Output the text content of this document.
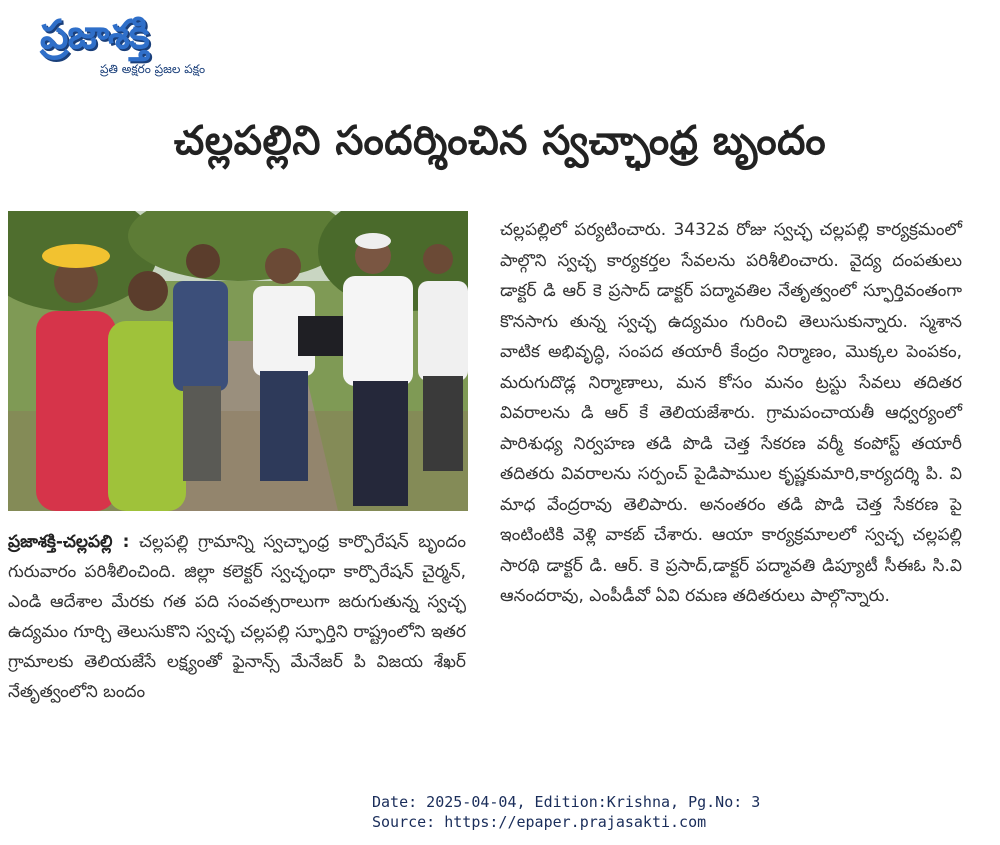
ప్రజాశక్తి
ప్రతి అక్షరం ప్రజల పక్షం
చల్లపల్లిని సందర్శించిన స్వచ్ఛాంధ్ర బృందం
ప్రజాశక్తి-చల్లపల్లి : చల్లపల్లి గ్రామాన్ని స్వచ్ఛాంధ్ర కార్పొరేషన్ బృందం గురువారం పరిశీలించింది. జిల్లా కలెక్టర్ స్వచ్ఛంధా కార్పొరేషన్ చైర్మన్, ఎండి ఆదేశాల మేరకు గత పది సంవత్సరాలుగా జరుగుతున్న స్వచ్ఛ ఉద్యమం గూర్చి తెలుసుకొని స్వచ్ఛ చల్లపల్లి స్ఫూర్తిని రాష్ట్రంలోని ఇతర గ్రామాలకు తెలియజేసే లక్ష్యంతో ఫైనాన్స్ మేనేజర్ పి విజయ శేఖర్ నేతృత్వంలోని బందం
చల్లపల్లిలో పర్యటించారు. 3432వ రోజు స్వచ్ఛ చల్లపల్లి కార్యక్రమంలో పాల్గొని స్వచ్ఛ కార్యకర్తల సేవలను పరిశీలించారు. వైద్య దంపతులు డాక్టర్ డి ఆర్ కె ప్రసాద్ డాక్టర్ పద్మావతిల నేతృత్వంలో స్ఫూర్తివంతంగా కొనసాగు తున్న స్వచ్ఛ ఉద్యమం గురించి తెలుసుకున్నారు. స్మశాన వాటిక అభివృద్ధి, సంపద తయారీ కేంద్రం నిర్మాణం, మొక్కల పెంపకం, మరుగుదొడ్ల నిర్మాణాలు, మన కోసం మనం ట్రస్టు సేవలు తదితర వివరాలను డి ఆర్ కే తెలియజేశారు. గ్రామపంచాయతీ ఆధ్వర్యంలో పారిశుధ్య నిర్వహణ తడి పొడి చెత్త సేకరణ వర్మీ కంపోస్ట్ తయారీ తదితరు వివరాలను సర్పంచ్ పైడిపాముల కృష్ణకుమారి,కార్యదర్శి పి. వి మాధ వేంద్రరావు తెలిపారు. అనంతరం తడి పొడి చెత్త సేకరణ పై ఇంటింటికి వెళ్లి వాకబ్ చేశారు. ఆయా కార్యక్రమాలలో స్వచ్ఛ చల్లపల్లి సారథి డాక్టర్ డి. ఆర్. కె ప్రసాద్,డాక్టర్ పద్మావతి డిప్యూటీ సీఈఓ సి.వి ఆనందరావు, ఎంపీడీవో ఏవి రమణ తదితరులు పాల్గొన్నారు.
Date: 2025-04-04, Edition:Krishna, Pg.No: 3
Source: https://epaper.prajasakti.com
